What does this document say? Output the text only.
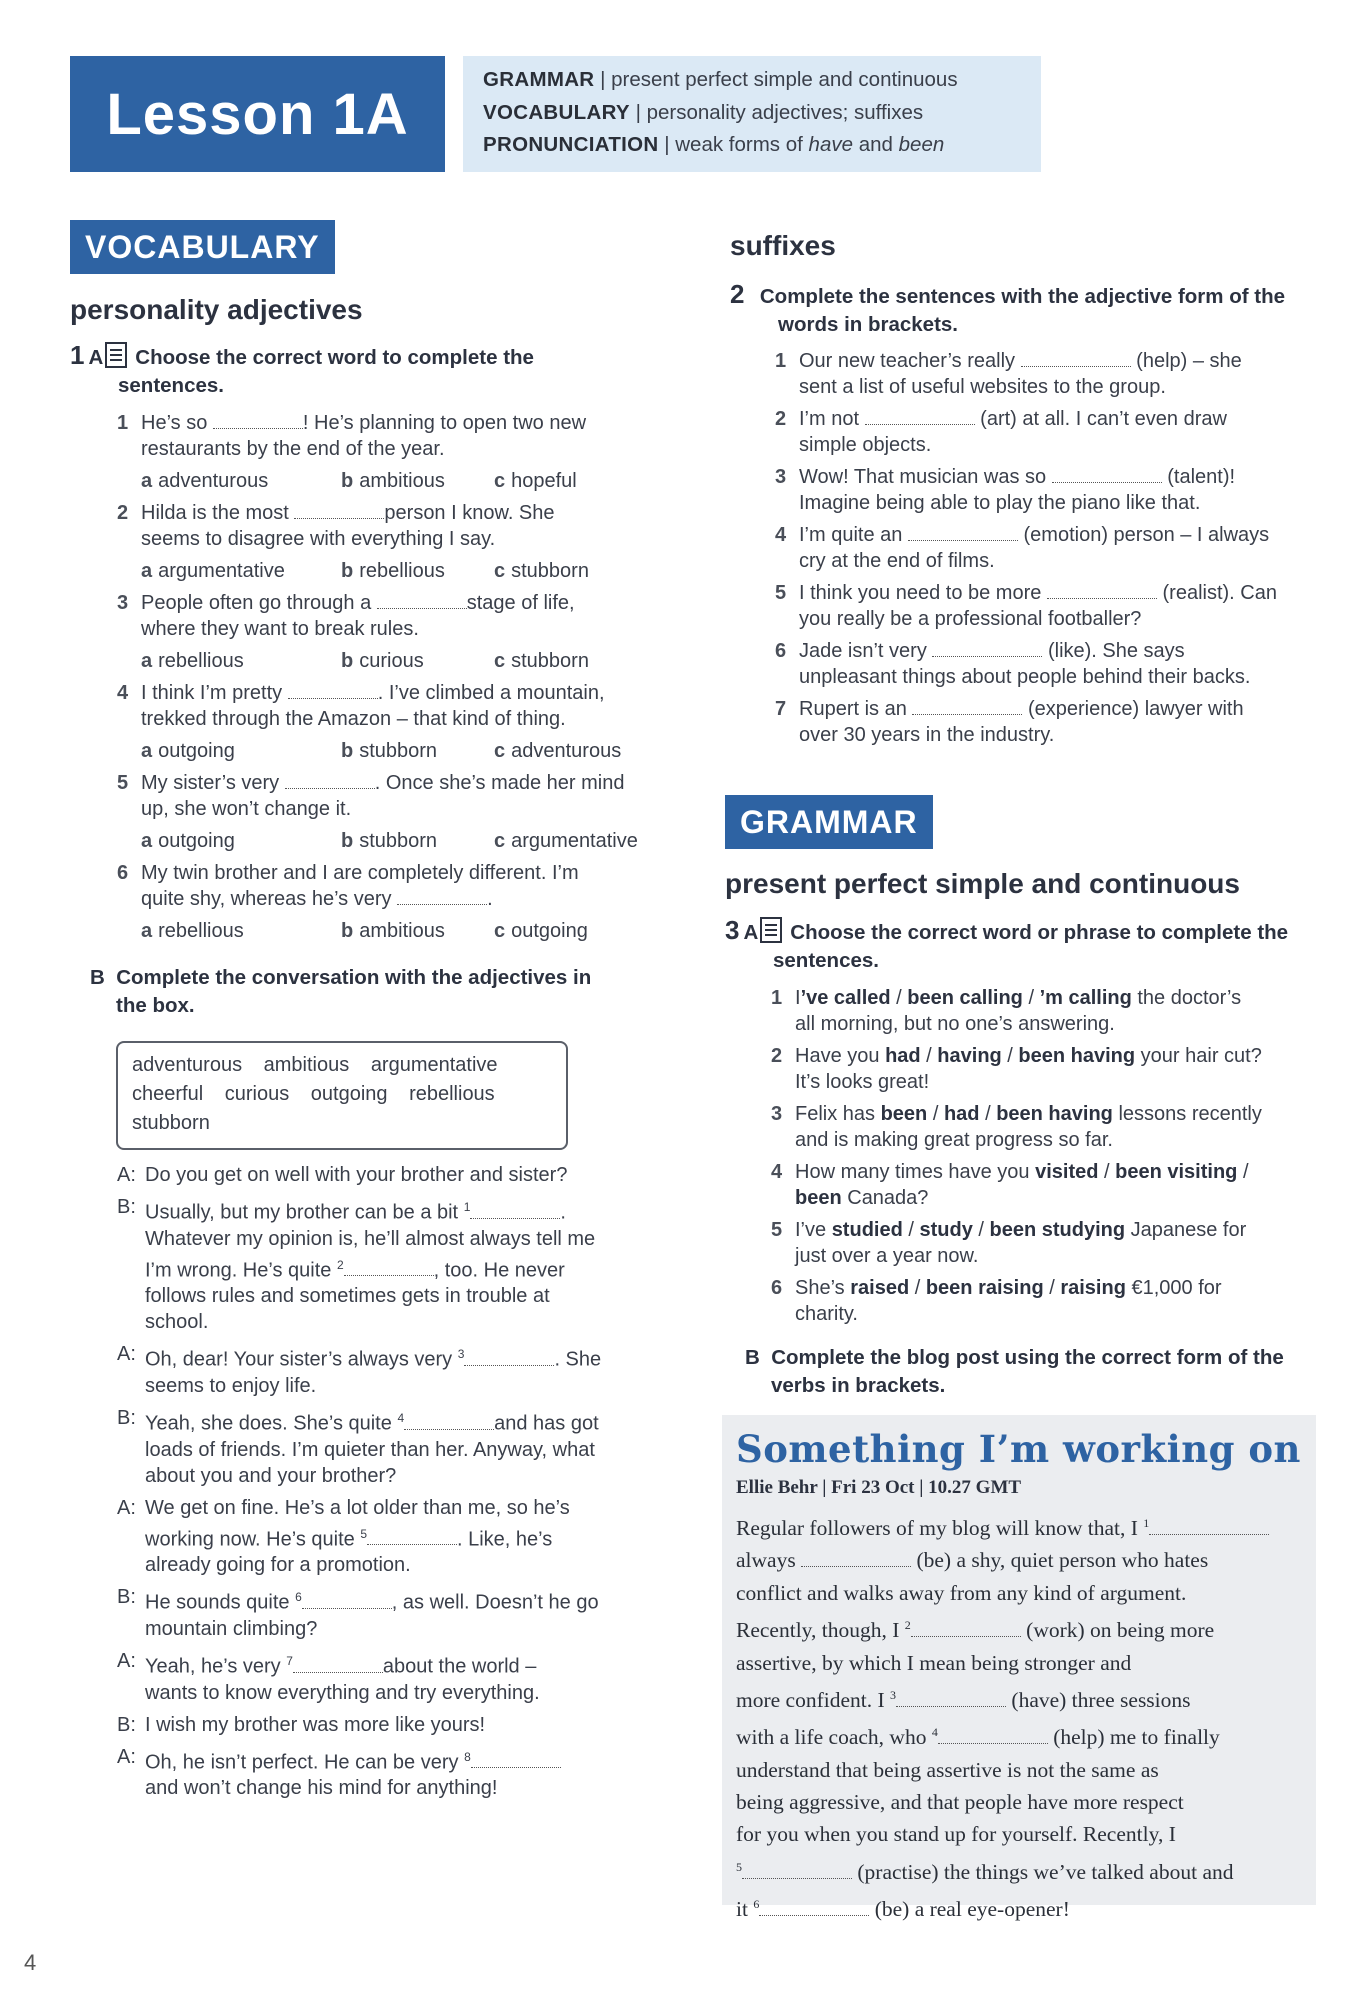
Lesson 1A
GRAMMAR | present perfect simple and continuous
VOCABULARY | personality adjectives; suffixes
PRONUNCIATION | weak forms of have and been
VOCABULARY
personality adjectives
1 A Choose the correct word to complete the
sentences.
1 He’s so	! He’s planning to open two new
restaurants by the end of the year.
a adventurous	b ambitious	c hopeful
2 Hilda is the most	person I know. She
seems to disagree with everything I say.
a argumentative	b rebellious	c stubborn
3 People often go through a	stage of life,
where they want to break rules.
a rebellious	b curious	c stubborn
4 I think I’m pretty	. I’ve climbed a mountain,
trekked through the Amazon – that kind of thing.
a outgoing	b stubborn	c adventurous
5 My sister’s very	. Once she’s made her mind
up, she won’t change it.
a outgoing	b stubborn	c argumentative
6 My twin brother and I are completely different. I’m
quite shy, whereas he’s very	.
a rebellious	b ambitious	c outgoing
B Complete the conversation with the adjectives in
the box.
adventurous ambitious argumentative
cheerful curious outgoing rebellious
stubborn
A: Do you get on well with your brother and sister?
B: Usually, but my brother can be a bit $^1$	.
Whatever my opinion is, he’ll almost always tell me
I’m wrong. He’s quite $^2$	, too. He never
follows rules and sometimes gets in trouble at
school.
A: Oh, dear! Your sister’s always very $^3$	. She
seems to enjoy life.
B: Yeah, she does. She’s quite $^4$	and has got
loads of friends. I’m quieter than her. Anyway, what
about you and your brother?
A: We get on fine. He’s a lot older than me, so he’s
working now. He’s quite $^5$	. Like, he’s
already going for a promotion.
B: He sounds quite $^6$	, as well. Doesn’t he go
mountain climbing?
A: Yeah, he’s very $^7$	about the world –
wants to know everything and try everything.
B: I wish my brother was more like yours!
A: Oh, he isn’t perfect. He can be very $^8$
and won’t change his mind for anything!
suffixes
2 Complete the sentences with the adjective form of the
words in brackets.
1 Our new teacher’s really	(help) – she
sent a list of useful websites to the group.
2 I’m not	(art) at all. I can’t even draw
simple objects.
3 Wow! That musician was so	(talent)!
Imagine being able to play the piano like that.
4 I’m quite an	(emotion) person – I always
cry at the end of films.
5 I think you need to be more	(realist). Can
you really be a professional footballer?
6 Jade isn’t very	(like). She says
unpleasant things about people behind their backs.
7 Rupert is an	(experience) lawyer with
over 30 years in the industry.
GRAMMAR
present perfect simple and continuous
3 A Choose the correct word or phrase to complete the
sentences.
1 I’ve called / been calling / ’m calling the doctor’s
all morning, but no one’s answering.
2 Have you had / having / been having your hair cut?
It’s looks great!
3 Felix has been / had / been having lessons recently
and is making great progress so far.
4 How many times have you visited / been visiting /
been Canada?
5 I’ve studied / study / been studying Japanese for
just over a year now.
6 She’s raised / been raising / raising €1,000 for
charity.
B Complete the blog post using the correct form of the
verbs in brackets.
Something I’m working on
Ellie Behr | Fri 23 Oct | 10.27 GMT
Regular followers of my blog will know that, I $^1$
always	(be) a shy, quiet person who hates
conflict and walks away from any kind of argument.
Recently, though, I $^2$	(work) on being more
assertive, by which I mean being stronger and
more confident. I $^3$	(have) three sessions
with a life coach, who $^4$	(help) me to finally
understand that being assertive is not the same as
being aggressive, and that people have more respect
for you when you stand up for yourself. Recently, I
$^5$	(practise) the things we’ve talked about and
it $^6$	(be) a real eye-opener!
4
